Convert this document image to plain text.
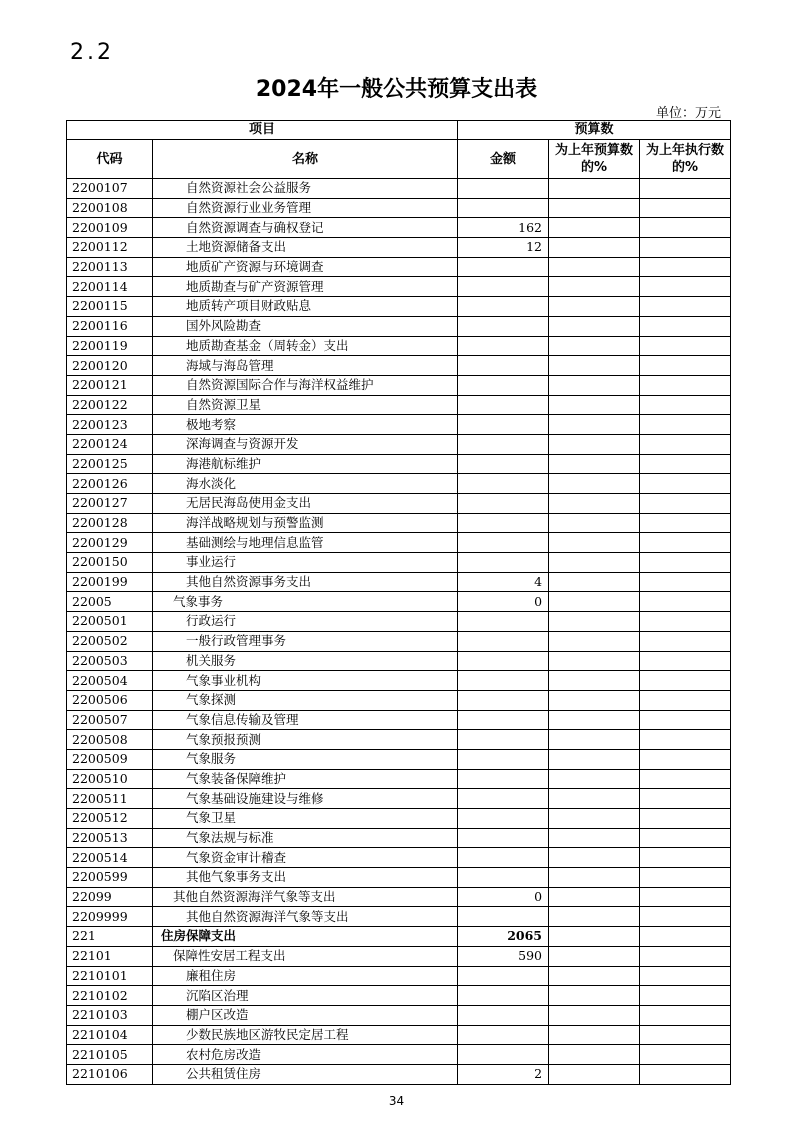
2.2
2024年一般公共预算支出表
单位：万元
项目		预算数		
代码	名称	金额	为上年预算数的%	为上年执行数的%
2200107	自然资源社会公益服务			
2200108	自然资源行业业务管理			
2200109	自然资源调查与确权登记	162		
2200112	土地资源储备支出	12		
2200113	地质矿产资源与环境调查			
2200114	地质勘查与矿产资源管理			
2200115	地质转产项目财政贴息			
2200116	国外风险勘查			
2200119	地质勘查基金（周转金）支出			
2200120	海域与海岛管理			
2200121	自然资源国际合作与海洋权益维护			
2200122	自然资源卫星			
2200123	极地考察			
2200124	深海调查与资源开发			
2200125	海港航标维护			
2200126	海水淡化			
2200127	无居民海岛使用金支出			
2200128	海洋战略规划与预警监测			
2200129	基础测绘与地理信息监管			
2200150	事业运行			
2200199	其他自然资源事务支出	4		
22005	气象事务	0		
2200501	行政运行			
2200502	一般行政管理事务			
2200503	机关服务			
2200504	气象事业机构			
2200506	气象探测			
2200507	气象信息传输及管理			
2200508	气象预报预测			
2200509	气象服务			
2200510	气象装备保障维护			
2200511	气象基础设施建设与维修			
2200512	气象卫星			
2200513	气象法规与标准			
2200514	气象资金审计稽查			
2200599	其他气象事务支出			
22099	其他自然资源海洋气象等支出	0		
2209999	其他自然资源海洋气象等支出			
221	住房保障支出	2065		
22101	保障性安居工程支出	590		
2210101	廉租住房			
2210102	沉陷区治理			
2210103	棚户区改造			
2210104	少数民族地区游牧民定居工程			
2210105	农村危房改造			
2210106	公共租赁住房	2		
34
